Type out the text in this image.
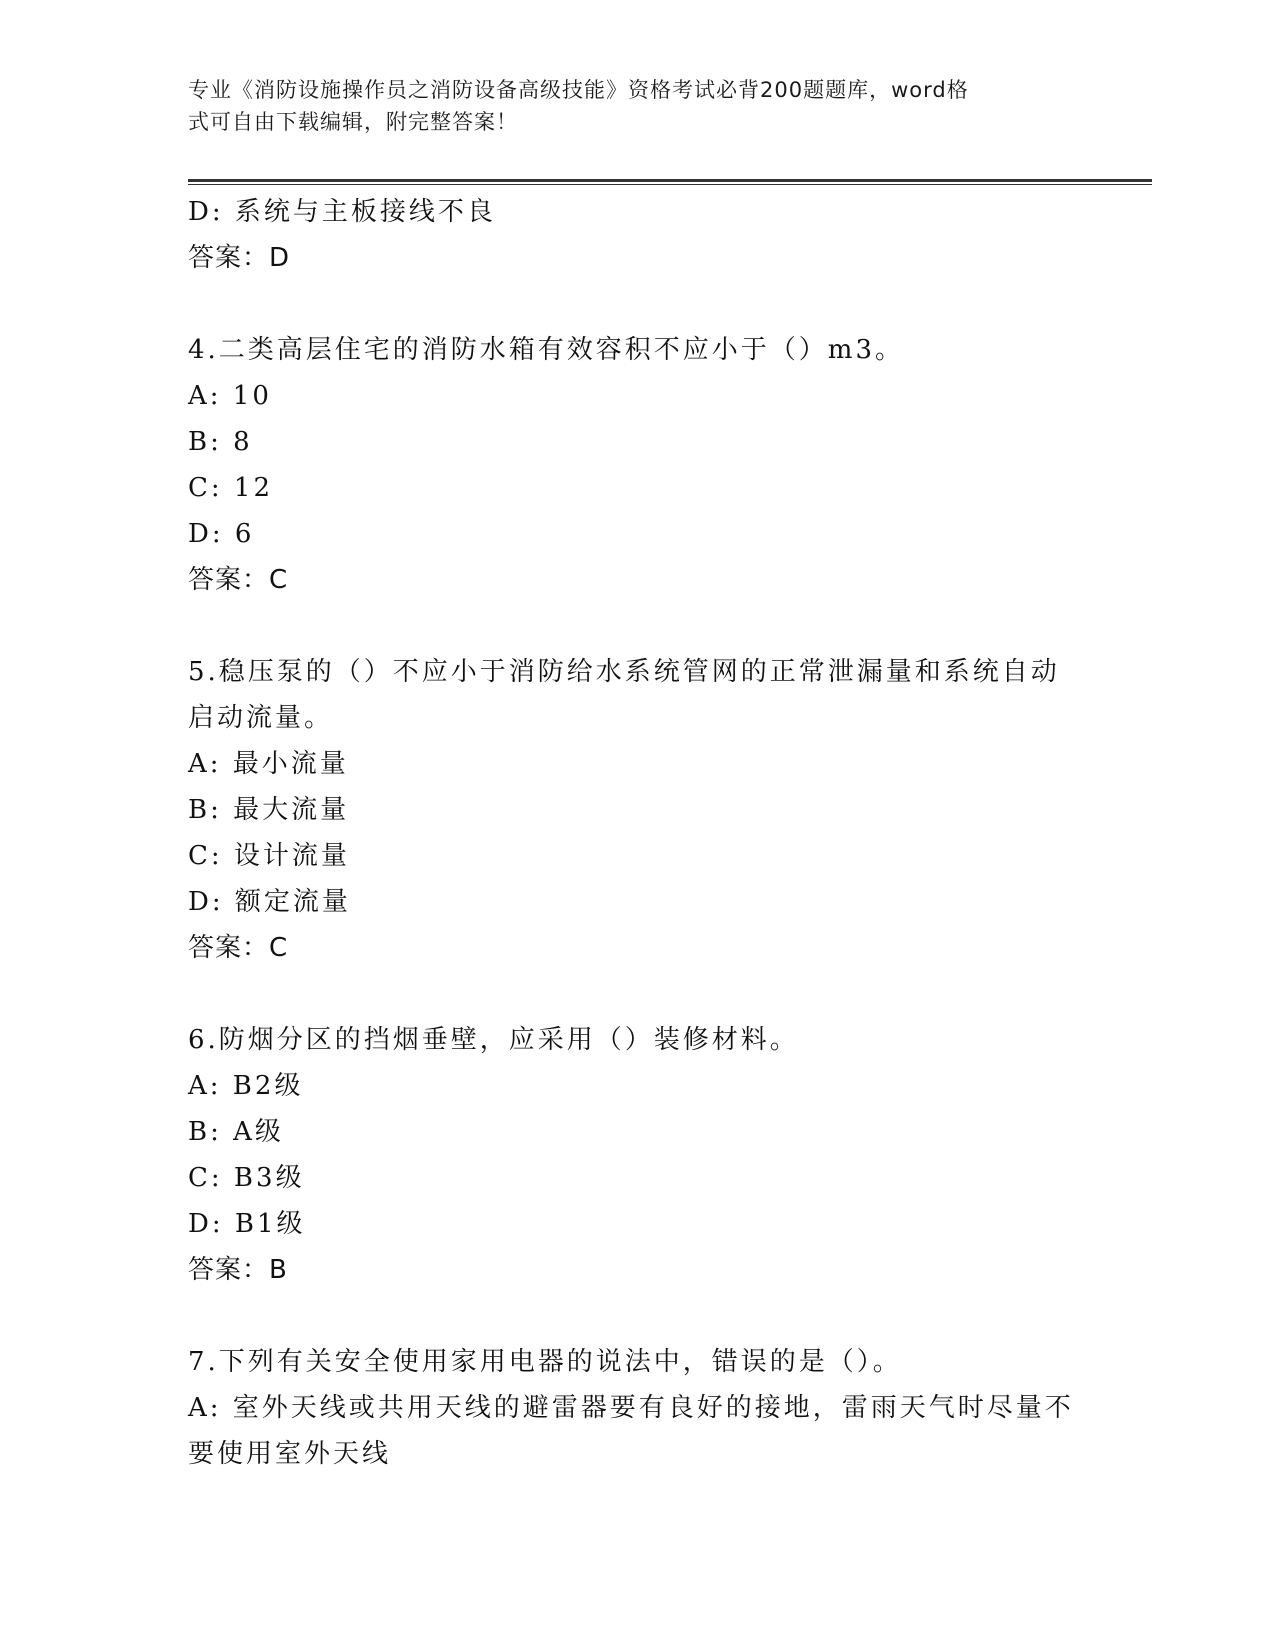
专业《消防设施操作员之消防设备高级技能》资格考试必背200题题库，word格
式可自由下载编辑，附完整答案！
D: 系统与主板接线不良
答案：D
4.二类高层住宅的消防水箱有效容积不应小于（）m3。
A: 10
B: 8
C: 12
D: 6
答案：C
5.稳压泵的（）不应小于消防给水系统管网的正常泄漏量和系统自动
启动流量。
A: 最小流量
B: 最大流量
C: 设计流量
D: 额定流量
答案：C
6.防烟分区的挡烟垂壁，应采用（）装修材料。
A: B2级
B: A级
C: B3级
D: B1级
答案：B
7.下列有关安全使用家用电器的说法中，错误的是（）。
A: 室外天线或共用天线的避雷器要有良好的接地，雷雨天气时尽量不
要使用室外天线
